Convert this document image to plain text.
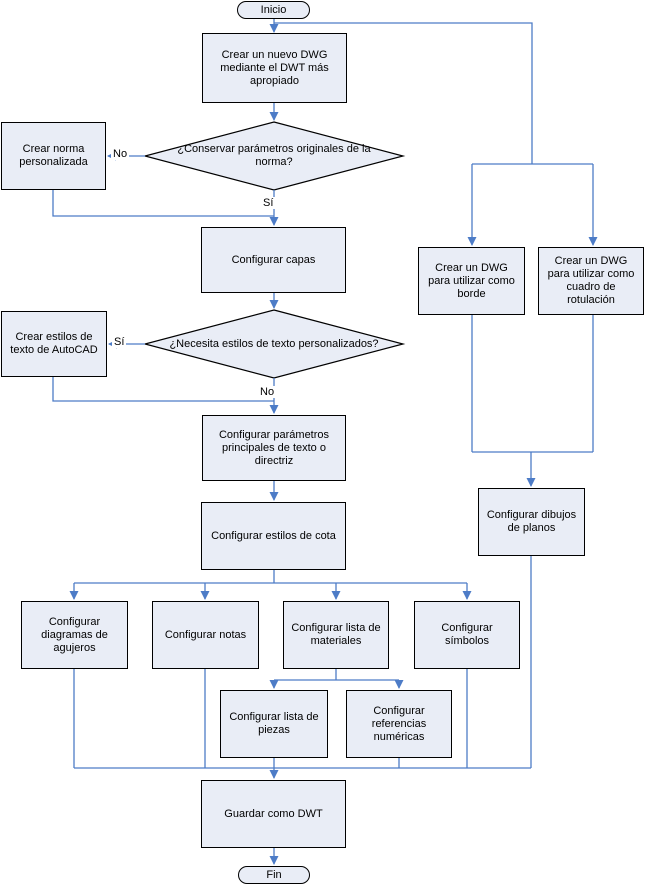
Inicio
Fin
Crear un nuevo DWG mediante el DWT más apropiado
Crear norma personalizada
Configurar capas
Crear estilos de texto de AutoCAD
Configurar parámetros principales de texto o directriz
Configurar estilos de cota
Configurar diagramas de agujeros
Configurar notas
Configurar lista de materiales
Configurar símbolos
Configurar lista de piezas
Configurar referencias numéricas
Guardar como DWT
Crear un DWG para utilizar como borde
Crear un DWG para utilizar como cuadro de rotulación
Configurar dibujos de planos
¿Conservar parámetros originales de la norma?
¿Necesita estilos de texto personalizados?
No
Sí
Sí
No
